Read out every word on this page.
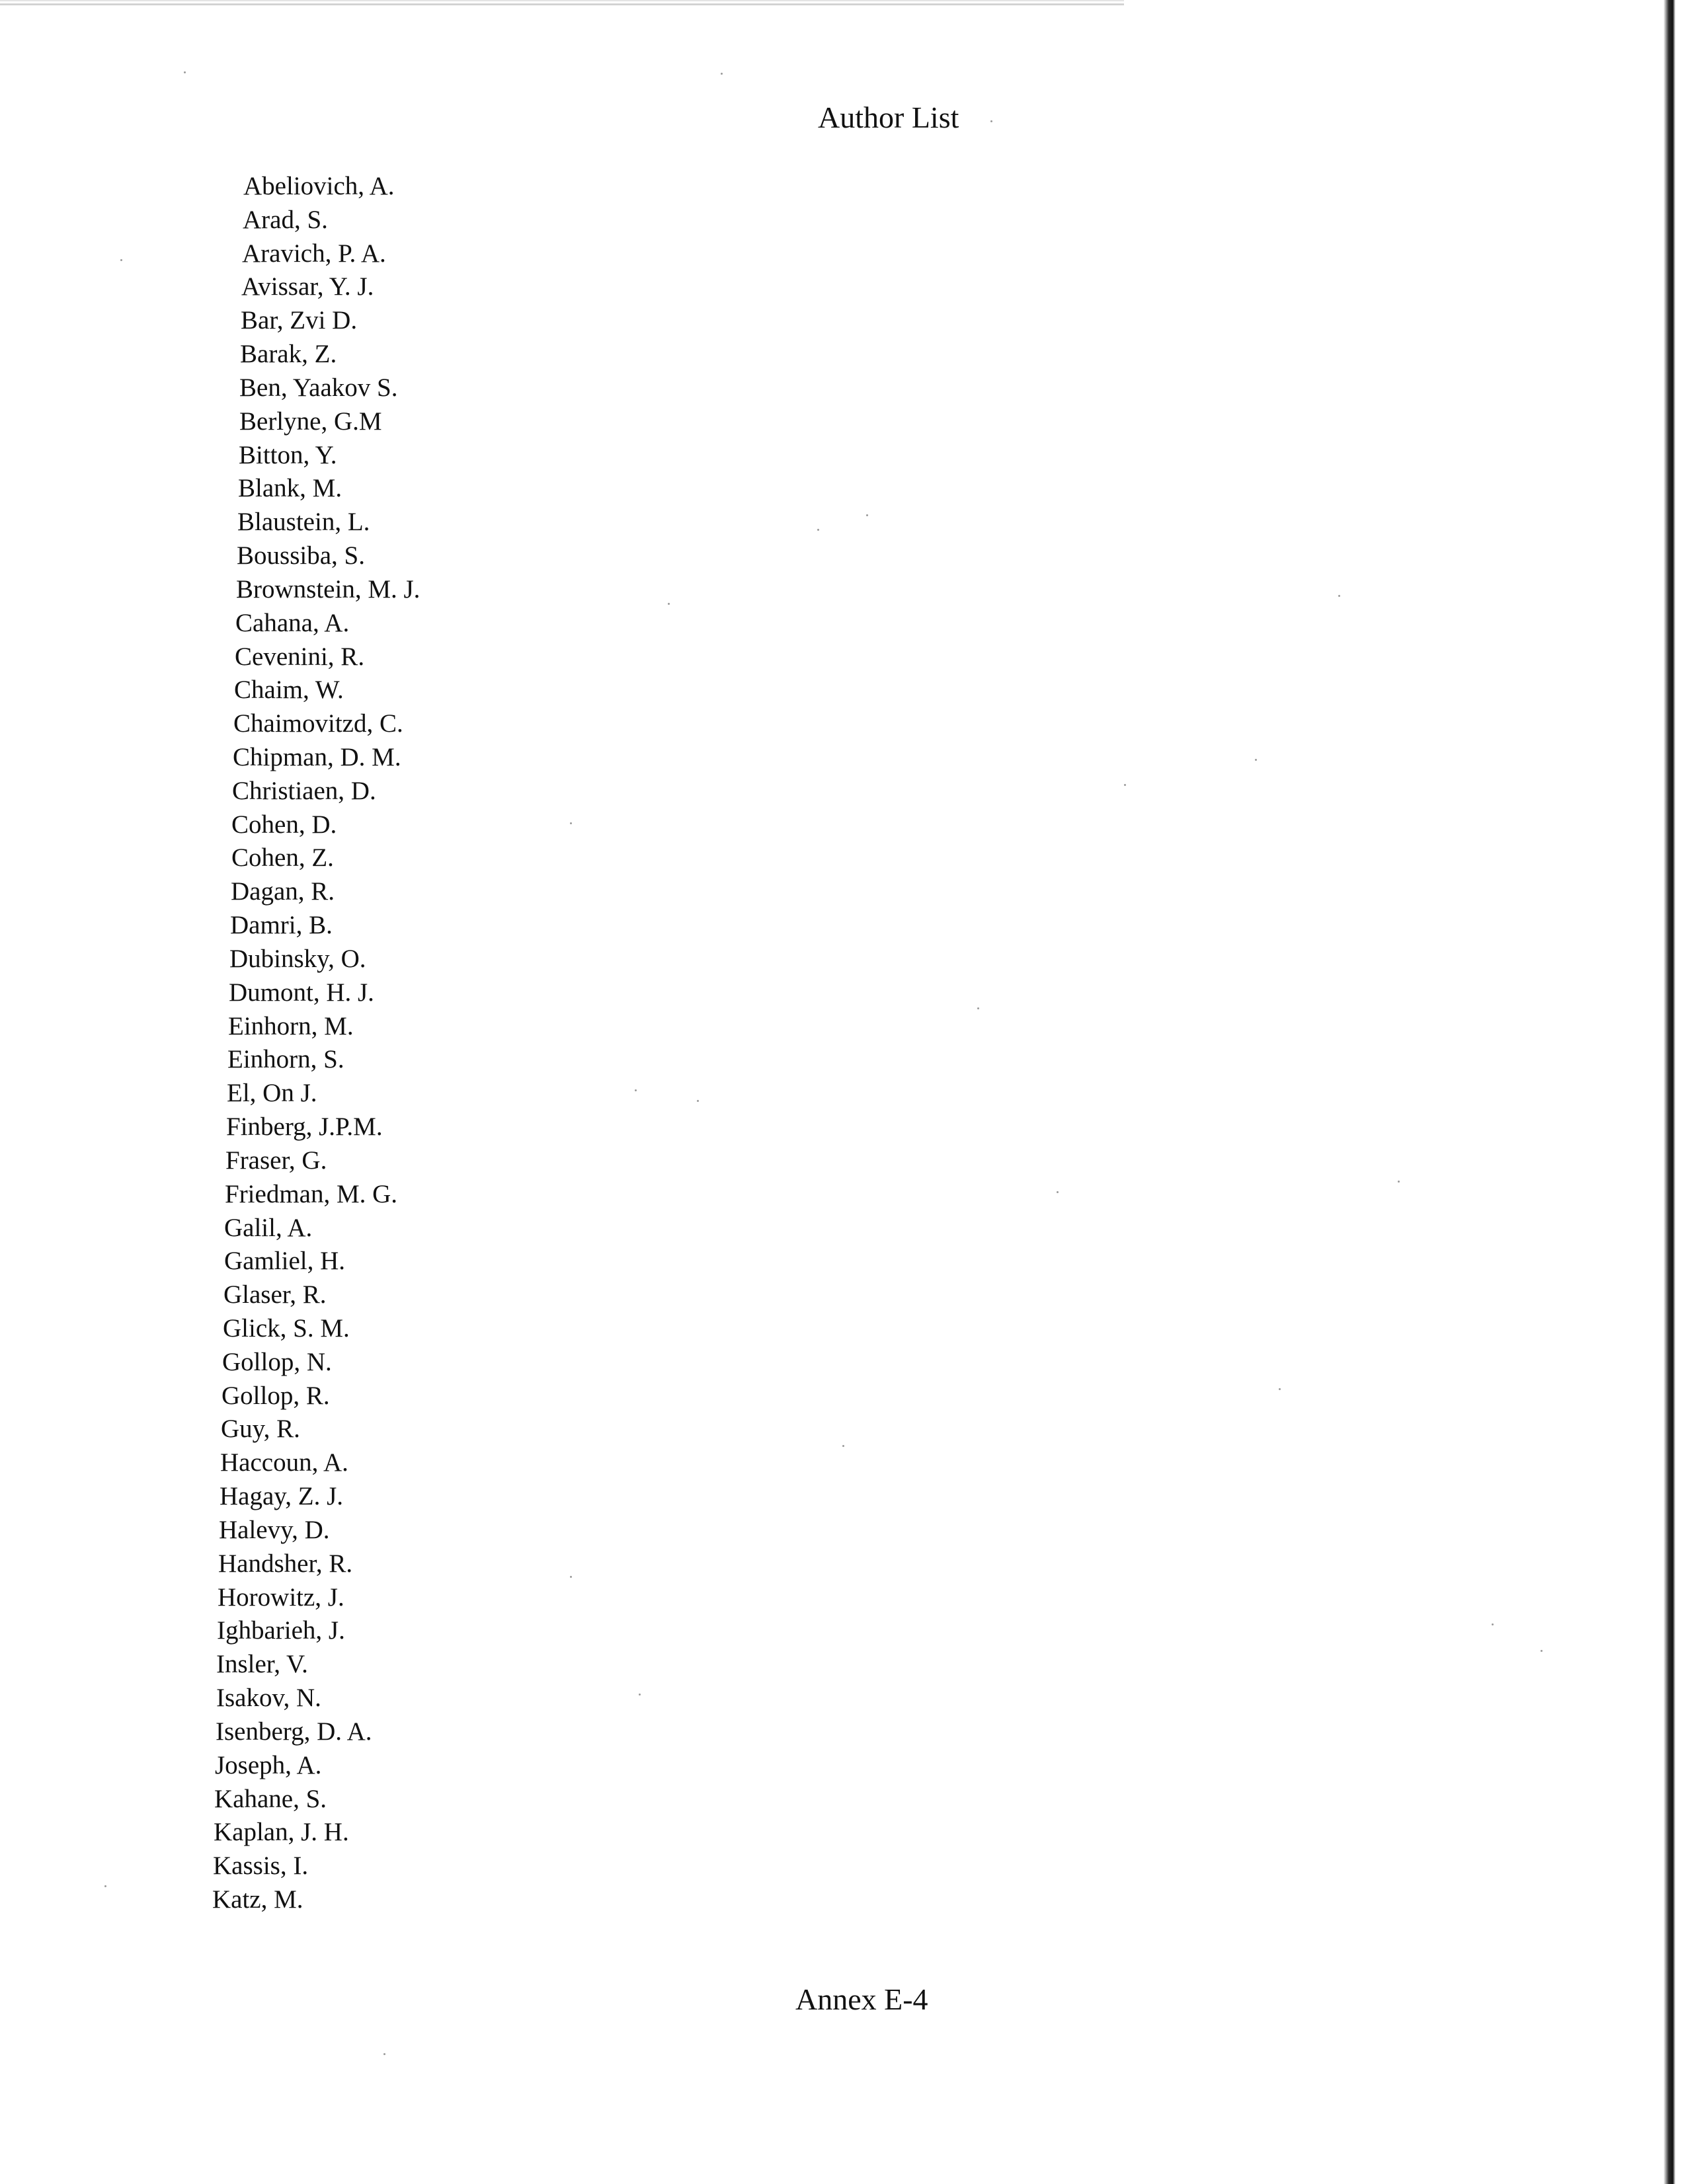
Author List
Abeliovich, A.
Arad, S.
Aravich, P. A.
Avissar, Y. J.
Bar, Zvi D.
Barak, Z.
Ben, Yaakov S.
Berlyne, G.M
Bitton, Y.
Blank, M.
Blaustein, L.
Boussiba, S.
Brownstein, M. J.
Cahana, A.
Cevenini, R.
Chaim, W.
Chaimovitzd, C.
Chipman, D. M.
Christiaen, D.
Cohen, D.
Cohen, Z.
Dagan, R.
Damri, B.
Dubinsky, O.
Dumont, H. J.
Einhorn, M.
Einhorn, S.
El, On J.
Finberg, J.P.M.
Fraser, G.
Friedman, M. G.
Galil, A.
Gamliel, H.
Glaser, R.
Glick, S. M.
Gollop, N.
Gollop, R.
Guy, R.
Haccoun, A.
Hagay, Z. J.
Halevy, D.
Handsher, R.
Horowitz, J.
Ighbarieh, J.
Insler, V.
Isakov, N.
Isenberg, D. A.
Joseph, A.
Kahane, S.
Kaplan, J. H.
Kassis, I.
Katz, M.
Annex E-4
